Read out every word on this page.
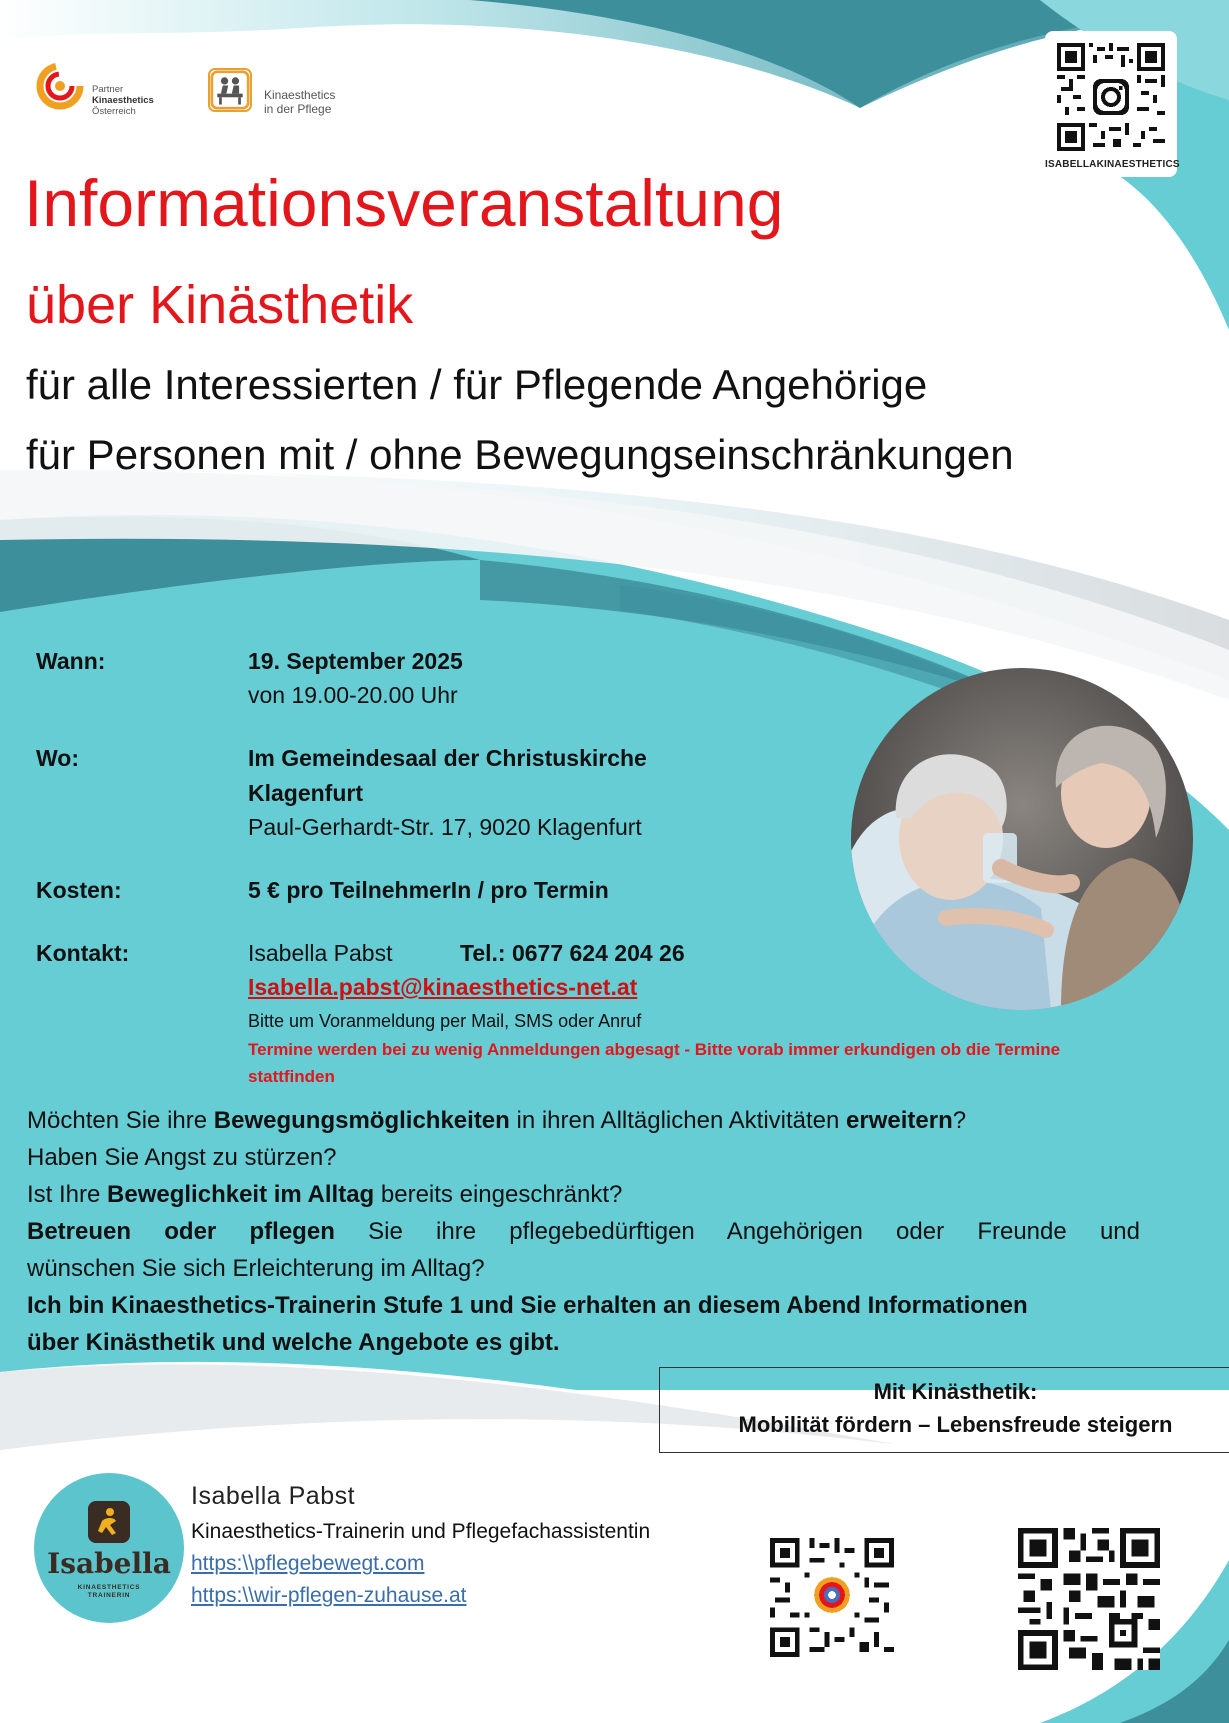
Partner
Kinaesthetics
Österreich
Kinaesthetics
in der Pflege
ISABELLAKINAESTHETICS
Informationsveranstaltung
über Kinästhetik
für alle Interessierten / für Pflegende Angehörige
für Personen mit / ohne Bewegungseinschränkungen
Wann:	19. September 2025
von 19.00-20.00 Uhr
Wo:	Im Gemeindesaal der Christuskirche
Klagenfurt
Paul-Gerhardt-Str. 17, 9020 Klagenfurt
Kosten:	5 € pro TeilnehmerIn / pro Termin
Kontakt:	Isabella Pabst	Tel.: 0677 624 204 26
Isabella.pabst@kinaesthetics-net.at
Bitte um Voranmeldung per Mail, SMS oder Anruf
Termine werden bei zu wenig Anmeldungen abgesagt - Bitte vorab immer erkundigen ob die Termine stattfinden

Möchten Sie ihre Bewegungsmöglichkeiten in ihren Alltäglichen Aktivitäten erweitern?

Haben Sie Angst zu stürzen?

Ist Ihre Beweglichkeit im Alltag bereits eingeschränkt?

Betreuen oder pflegen Sie ihre pflegebedürftigen Angehörigen oder Freunde und

wünschen Sie sich Erleichterung im Alltag?

Ich bin Kinaesthetics-Trainerin Stufe 1 und Sie erhalten an diesem Abend Informationen

über Kinästhetik und welche Angebote es gibt.

Mit Kinästhetik:
Mobilität fördern – Lebensfreude steigern
Isabella
KINAESTHETICS
TRAINERIN
Isabella Pabst
Kinaesthetics-Trainerin und Pflegefachassistentin
https:\\pflegebewegt.com
https:\\wir-pflegen-zuhause.at
